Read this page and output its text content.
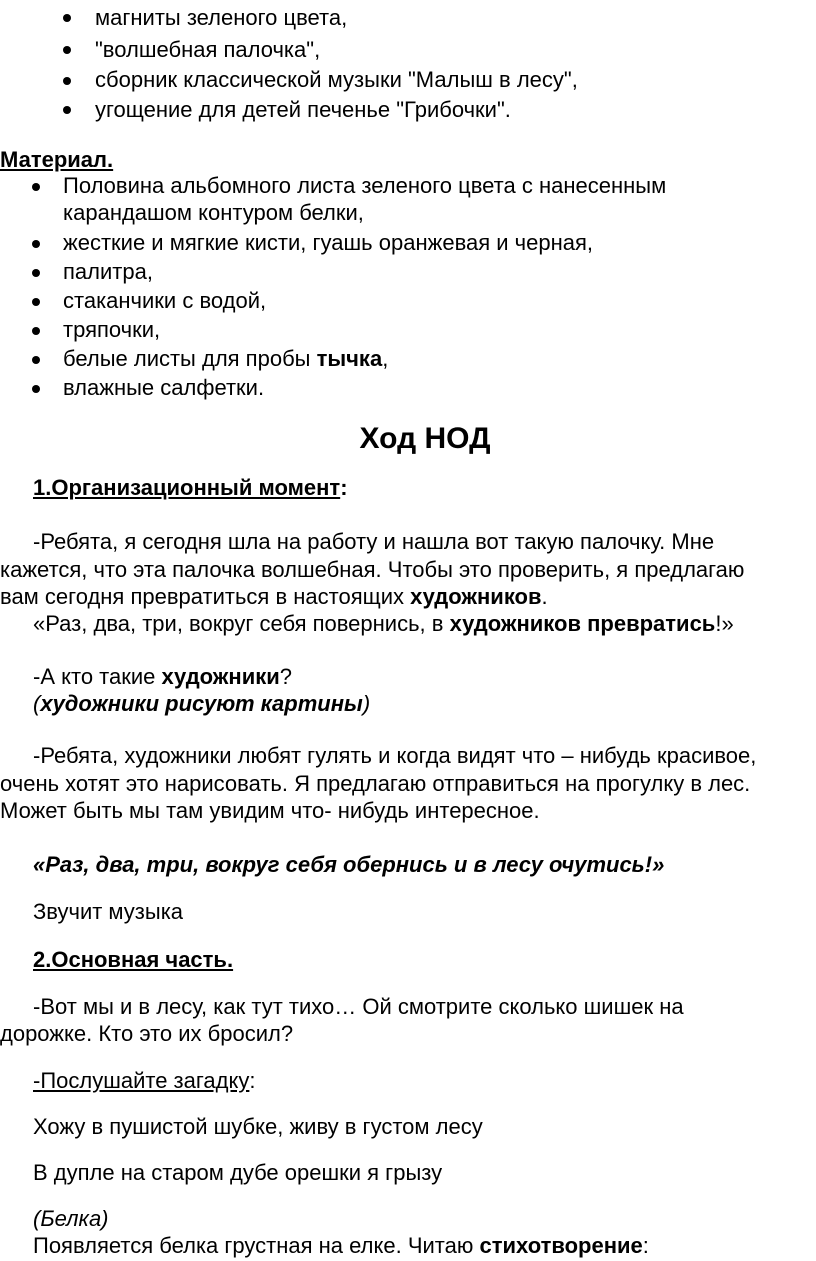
магниты зеленого цвета,
"волшебная палочка",
сборник классической музыки "Малыш в лесу",
угощение для детей печенье "Грибочки".
Материал.
Половина альбомного листа зеленого цвета с нанесенным
карандашом контуром белки,
жесткие и мягкие кисти, гуашь оранжевая и черная,
палитра,
стаканчики с водой,
тряпочки,
белые листы для пробы тычка,
влажные салфетки.
Ход НОД
1.Организационный момент:
-Ребята, я сегодня шла на работу и нашла вот такую палочку. Мне
кажется, что эта палочка волшебная. Чтобы это проверить, я предлагаю
вам сегодня превратиться в настоящих художников.
«Раз, два, три, вокруг себя повернись, в художников превратись!»
-А кто такие художники?
(художники рисуют картины)
-Ребята, художники любят гулять и когда видят что – нибудь красивое,
очень хотят это нарисовать. Я предлагаю отправиться на прогулку в лес.
Может быть мы там увидим что- нибудь интересное.
«Раз, два, три, вокруг себя обернись и в лесу очутись!»
Звучит музыка
2.Основная часть.
-Вот мы и в лесу, как тут тихо… Ой смотрите сколько шишек на
дорожке. Кто это их бросил?
-Послушайте загадку:
Хожу в пушистой шубке, живу в густом лесу
В дупле на старом дубе орешки я грызу
(Белка)
Появляется белка грустная на елке. Читаю стихотворение:
